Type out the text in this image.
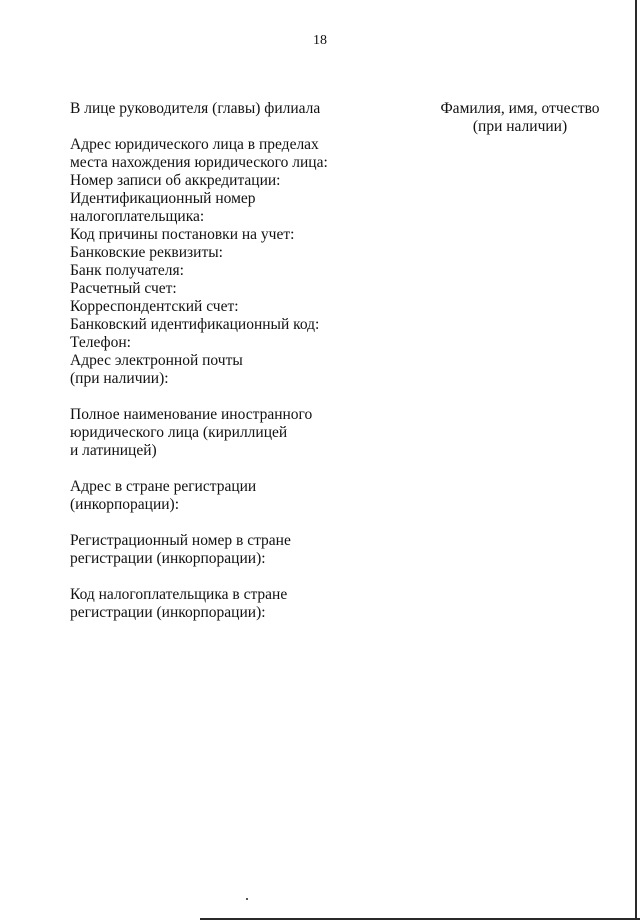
18
В лице руководителя (главы) филиала
Адрес юридического лица в пределах
места нахождения юридического лица:
Номер записи об аккредитации:
Идентификационный номер
налогоплательщика:
Код причины постановки на учет:
Банковские реквизиты:
Банк получателя:
Расчетный счет:
Корреспондентский счет:
Банковский идентификационный код:
Телефон:
Адрес электронной почты
(при наличии):
Полное наименование иностранного
юридического лица (кириллицей
и латиницей)
Адрес в стране регистрации
(инкорпорации):
Регистрационный номер в стране
регистрации (инкорпорации):
Код налогоплательщика в стране
регистрации (инкорпорации):
Фамилия, имя, отчество
(при наличии)
